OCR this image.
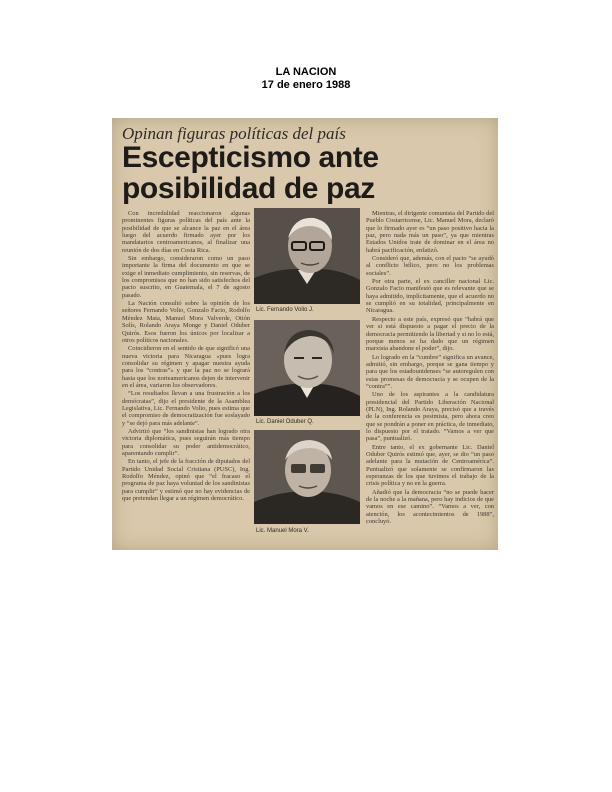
LA NACION
17 de enero 1988
Opinan figuras políticas del país
Escepticismo ante
posibilidad de paz

Con incredulidad reaccionaron algunas prominentes figuras políticas del país ante la posibilidad de que se alcance la paz en el área luego del acuerdo firmado ayer por los mandatarios centroamericanos, al finalizar una reunión de dos días en Costa Rica.

Sin embargo, consideraron como un paso importante la firma del documento en que se exige el inmediato cumplimiento, sin reservas, de los compromisos que no han sido satisfechos del pacto suscrito, en Guatemala, el 7 de agosto pasado.

La Nación consultó sobre la opinión de los señores Fernando Volio, Gonzalo Facio, Rodolfo Méndez Mata, Manuel Mora Valverde, Ottón Solís, Rolando Araya Monge y Daniel Oduber Quirós. Esos fueron los únicos por localizar a otros políticos nacionales.

Coincidieron en el sentido de que significó una nueva victoria para Nicaragua «pues logra consolidar su régimen y apagar nuestra ayuda para los “contras”» y que la paz no se logrará hasta que los norteamericanos dejen de intervenir en el área, variaron los observadores.

“Los resultados llevan a una frustración a los demócratas”, dijo el presidente de la Asamblea Legislativa, Lic. Fernando Volio, pues estima que el compromiso de democratización fue soslayado y “se dejó para más adelante”.

Advirtió que “los sandinistas han logrado otra victoria diplomática, pues seguirán más tiempo para consolidar su poder antidemocrático, aparentando cumplir”.

En tanto, el jefe de la fracción de diputados del Partido Unidad Social Cristiana (PUSC), Ing. Rodolfo Méndez, opinó que “el fracaso el programa de paz haya voluntad de los sandinistas para cumplir” y estimó que no hay evidencias de que pretendan llegar a un régimen democrático.

Lic. Fernando Volio J.
Lic. Daniel Oduber Q.
Lic. Manuel Mora V.

Mientras, el dirigente comunista del Partido del Pueblo Costarricense, Lic. Manuel Mora, declaró que lo firmado ayer es “un paso positivo hacia la paz, pero nada más un paso”, ya que mientras Estados Unidos trate de dominar en el área no habrá pacificación, enfatizó.

Consideró que, además, con el pacto “se ayudó al conflicto bélico, pero no los problemas sociales”.

Por otra parte, el ex canciller nacional Lic. Gonzalo Facio manifestó que es relevante que se haya admitido, implícitamente, que el acuerdo no se cumplió en su totalidad, principalmente en Nicaragua.

Respecto a este país, expresó que “habrá que ver si está dispuesto a pagar el precio de la democracia permitiendo la libertad y si no lo está, porque menos se ha dado que un régimen marxista abandone el poder”, dijo.

Lo logrado en la “cumbre” significa un avance, admitió, sin embargo, porque se gana tiempo y para que los estadounidenses “se autoregulen con estas promesas de democracia y se ocupen de la “contra””.

Uno de los aspirantes a la candidatura presidencial del Partido Liberación Nacional (PLN), Ing. Rolando Araya, precisó que a través de la conferencia es pesimista, pero ahora creo que se pondrán a poner en práctica, de inmediato, lo dispuesto por el tratado. “Vamos a ver que pasa”, puntualizó.

Entre tanto, el ex gobernante Lic. Daniel Oduber Quirós estimó que, ayer, se dio “un paso adelante para la mutación de Centroamérica”. Puntualizó que solamente se confirmaron las esperanzas de los que tuvimos el trabajo de la crisis política y no en la guerra.

Añadió que la democracia “no se puede hacer de la noche a la mañana, pero hay indicios de que vamos en ese camino”. “Vamos a ver, con atención, los acontecimientos de 1988”, concluyó.
